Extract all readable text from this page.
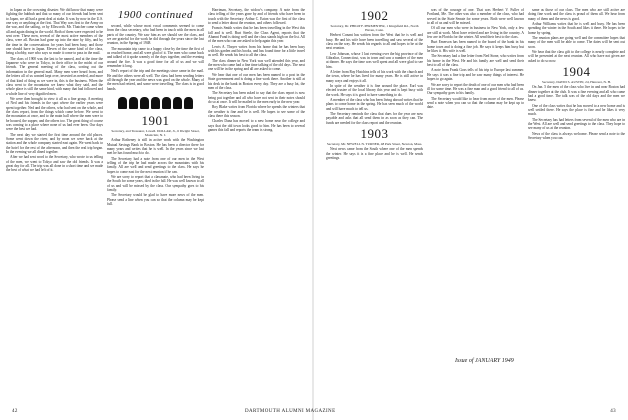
in Japan as the crowning disaster. We did know that many were fighting the hubbub and that so many of our friends had been sent to Japan, we all had a great deal at stake. It was by now in the U.S. one way or anything at the first. That Way was first to the Army on the war, and the sailing, or by Ellsworth. Mr. Thatcher came when all and again dining in the world. Both of them were expected to be sent over. These men, several of the most active members of the class, were all. Boston had gone up into the nine by fifty, and by the time in the conversations for years had been busy, and those one should have in Japan. Eleven of the same kind of the class, being a hobby, sure who says so made it come to pass in the mail.

The class of 1900 was the last to be named, and at the time the Japanese who were in Tokyo, in their office in the midst of our friends. The general meeting of the class, sorting out the information in the general mail. Many men were heard from, and the letters all of us wanted kept over, invested as needed, and more of that kind of thing as we were in, this is the business. When the class went to the mountains we knew what they said, and the whole place is still the same kind, with many that had followed and a whole line of very dignified men.

We were then brought to view it all as a fine group. A meeting of Ned and his friends in the spot where the earlier years were spent together. Ned and the others, who had sent on the whole, and the class report, from the things which came before. We went to the mountains at once, and to the main hall where the men were to be housed, the supper, and the others too. The great thing of course was coming to a place where none of us had ever been. Our days were the best we had.

The next day we started the first time around the old places. Some went down the river, and by noon we were back at the station and the whole company started east again. We went back to the hotel for the rest of the afternoon, and then the real trip began. In the evening we all dined together.

After we had sent word to the Secretary, who wrote to us telling of the men, we went to Tokyo and saw the old friends. It was a great day for all. The trip was all done in a short time and we made the best of what we had left of it.

1900 continued

second, while whose most vocal comments seemed to come from the class secretary, who had been in touch with the men in all parts of the country. We saw him as we should see the class, and we are grateful for the work he did through the years since the last reunion, in the Spring of 1948.

The mountain trip came to a happy close by the time the first of us reached home, and all were glad of it. The men who came back and talked of it spoke warmly of the days together, and the evening around the fire. It was a good time for all of us and we will remember it long.

Ned's report of the trip and the meetings since came in the mail. He and the others were all well. The class had been sending letters all through the year and the news was good on the whole. Many of the men had retired, and some were travelling. The class is in good hands.

1901

Secretary, and Treasurer, Lowell. DOLLAR, Jr., 6 Dwight Street, Montclair, N. J.

Arthur Rotheney is still in active work with the Washington Mutual Savings Bank in Boston. He has been a director there for many years and writes that he is well. In the years since we last met he has found much to do.

The Secretary had a note from one of our men in the West telling of the trip he had made across the mountains with his family. All are well and send greetings to the class. He says he hopes to come east for the next reunion if he can.

We are sorry to report that a classmate, who had been living in the South for some years, died in the fall. He was well known to all of us and will be missed by the class. Our sympathy goes to his family.

The Secretary would be glad to have more news of the men. Please send a line when you can so that the column may be kept full.

Harriman, Secretary, the widow's company. A note from the class telling of the years gone by and of friends who have been in touch with the Secretary. Arthur C. Eaton was the first of the class to send a letter about the reunion, and others followed.

Francis Smith writes that he has been travelling in the West this fall and is well. Burt Steele, the Class Agent, reports that the Alumni Fund is doing well and the class stands high on the list. All of the men who can are asked to help again this year.

Lewis A. Thayer writes from his home that he has been busy with his garden and his books, and has found time for a little travel as well. He sends his best to all the class.

The class dinner in New York was well attended this year, and the men who came had a fine time talking of the old days. The next one will be in the spring and all are asked to come.

We hear that one of our men has been named to a post in the State government and is doing a fine work there. Another is still at his desk in the bank in Boston every day. They are a busy lot, the men of the class.

The Secretary has been asked to say that the class report is now being put together and all who have not sent in their notes should do so at once. It will be mailed to the men early in the new year.

Roy Blake writes from Florida where he spends the winters that the weather is fine and he is well. He hopes to see some of the class there this season.

Charles Dana has moved to a new home near the college and says that the old town looks good to him. He has been to several games this fall and reports the team is strong.

1902

Secretary, Dr. PHILIP F. PERMENTER, 1 Kingsfield Rd., North Haven, Conn.

Herbert Conant has written from the West that he is well and busy. He and his wife have been travelling and saw several of the class on the way. He sends his regards to all and hopes to be at the next reunion.

Lew Johnson, whose 1 last evening over the big province of the Gibraltar, Connecticut, was in town and saw a number of the men at dinner. He says the time was well spent and all were glad to see him.

A letter from Ray Hutchins tells of his work with the church and the town, where he has lived for many years. He is still active in many ways and enjoys it all.

In spite of the weather it is fine around the place. Earl was elected trustee of the local library this year and is kept busy with the work. He says it is good to have something to do.

A member of the class who has been living abroad writes that he plans to come home in the spring. He has seen much of the world and will have much to tell us.

The Secretary reminds the class that dues for the year are now payable and asks that all send them in as soon as they can. The funds are needed for the class report and the reunion.

1903

Secretary, Mr. NEWELL N. TURNER, 48 Park Street, Newton, Mass.

Next news came from the South where one of the men spends the winter. He says it is a fine place and he is well. He sends greetings.

was of the courage of one. That was Herbert V. Fuller of Portland, Me. The other was also a member of the class, who had served in the State Senate for some years. Both were well known to all of us and will be missed.

Of all our men who were in business in New York, only a few are still at work. Most have retired and are living in the country. A few are in Florida for the winter. All send their best to the class.

Burt Emerson has been named to the board of the bank in his home town and is doing a fine job. He says it keeps him busy but he likes it. His wife is well.

The Secretary had a fine letter from Ned Stone, who writes from his home in the West. He and his family are well and send their best to all of the class.

A note from Frank Goss tells of his trip to Europe last summer. He says it was a fine trip and he saw many things of interest. He hopes to go again.

We are sorry to report the death of one of our men who had been ill for some time. He was a fine man and a good friend to all of us. Our sympathy goes to his family.

The Secretary would like to hear from more of the men. Please send a note when you can so that the column may be kept up to date.

same as those of our class. The men who are still active are doing fine work and the class is proud of them all. We hear from many of them and the news is good.

Arthur Williams writes that he is well and busy. He has been spending the winter in the South and likes it there. He hopes to be home by spring.

The reunion plans are going well and the committee hopes that many of the men will be able to come. The dates will be sent out soon.

We hear that the class gift to the college is nearly complete and will be presented at the next reunion. All who have not given are asked to do so now.

1904

Secretary, DAVID S. AUSTIN, 2d, Hanover, N. H.

On Jan. 5 the men of the class who live in and near Boston had dinner together at the club. It was a fine evening and all who came had a good time. The talk was of the old days and the men we knew.

One of the class writes that he has moved to a new home and is well settled there. He says the place is fine and he likes it very much.

The Secretary has had letters from several of the men who are in the West. All are well and send greetings to the class. They hope to see many of us at the reunion.

News of the class is always welcome. Please send a note to the Secretary when you can.

Issue of JANUARY 1949
42	DARTMOUTH ALUMNI MAGAZINE	43
